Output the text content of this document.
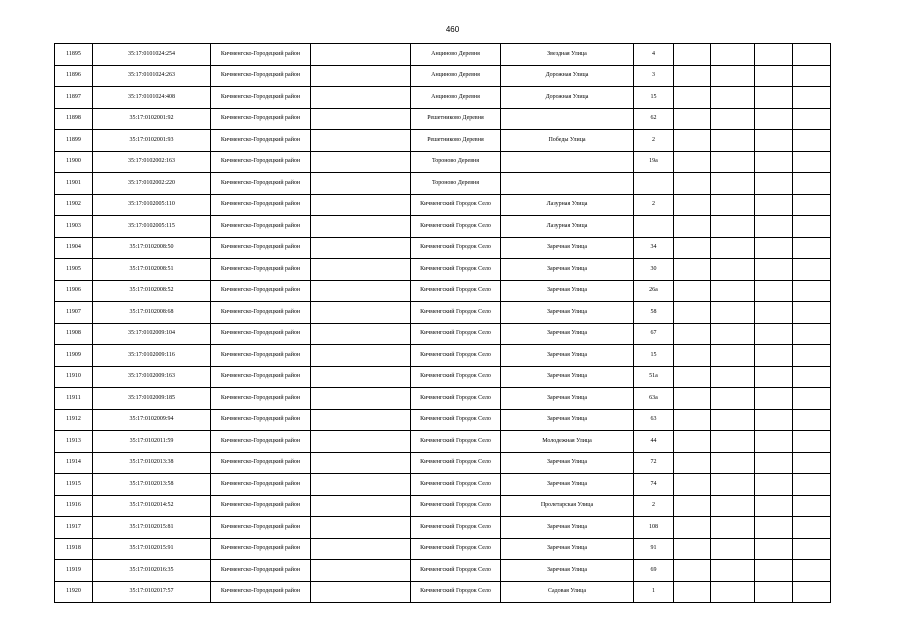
460
11895	35:17:0101024:254	Кичменгско-Городецкий район		Анциново Деревня	Звездная Улица	4				
11896	35:17:0101024:263	Кичменгско-Городецкий район		Анциново Деревня	Дорожная Улица	3				
11897	35:17:0101024:408	Кичменгско-Городецкий район		Анциново Деревня	Дорожная Улица	15				
11898	35:17:0102001:92	Кичменгско-Городецкий район		Решетниково Деревня		62				
11899	35:17:0102001:93	Кичменгско-Городецкий район		Решетниково Деревня	Победы Улица	2				
11900	35:17:0102002:163	Кичменгско-Городецкий район		Тороново Деревня		19а				
11901	35:17:0102002:220	Кичменгско-Городецкий район		Тороново Деревня						
11902	35:17:0102005:110	Кичменгско-Городецкий район		Кичменгский Городок Село	Лазурная Улица	2				
11903	35:17:0102005:115	Кичменгско-Городецкий район		Кичменгский Городок Село	Лазурная Улица					
11904	35:17:0102008:50	Кичменгско-Городецкий район		Кичменгский Городок Село	Заречная Улица	34				
11905	35:17:0102008:51	Кичменгско-Городецкий район		Кичменгский Городок Село	Заречная Улица	30				
11906	35:17:0102008:52	Кичменгско-Городецкий район		Кичменгский Городок Село	Заречная Улица	26а				
11907	35:17:0102008:68	Кичменгско-Городецкий район		Кичменгский Городок Село	Заречная Улица	58				
11908	35:17:0102009:104	Кичменгско-Городецкий район		Кичменгский Городок Село	Заречная Улица	67				
11909	35:17:0102009:116	Кичменгско-Городецкий район		Кичменгский Городок Село	Заречная Улица	15				
11910	35:17:0102009:163	Кичменгско-Городецкий район		Кичменгский Городок Село	Заречная Улица	51а				
11911	35:17:0102009:185	Кичменгско-Городецкий район		Кичменгский Городок Село	Заречная Улица	63а				
11912	35:17:0102009:94	Кичменгско-Городецкий район		Кичменгский Городок Село	Заречная Улица	63				
11913	35:17:0102011:59	Кичменгско-Городецкий район		Кичменгский Городок Село	Молодежная Улица	44				
11914	35:17:0102013:38	Кичменгско-Городецкий район		Кичменгский Городок Село	Заречная Улица	72				
11915	35:17:0102013:58	Кичменгско-Городецкий район		Кичменгский Городок Село	Заречная Улица	74				
11916	35:17:0102014:52	Кичменгско-Городецкий район		Кичменгский Городок Село	Пролетарская Улица	2				
11917	35:17:0102015:81	Кичменгско-Городецкий район		Кичменгский Городок Село	Заречная Улица	108				
11918	35:17:0102015:91	Кичменгско-Городецкий район		Кичменгский Городок Село	Заречная Улица	91				
11919	35:17:0102016:35	Кичменгско-Городецкий район		Кичменгский Городок Село	Заречная Улица	69				
11920	35:17:0102017:57	Кичменгско-Городецкий район		Кичменгский Городок Село	Садовая Улица	1				
